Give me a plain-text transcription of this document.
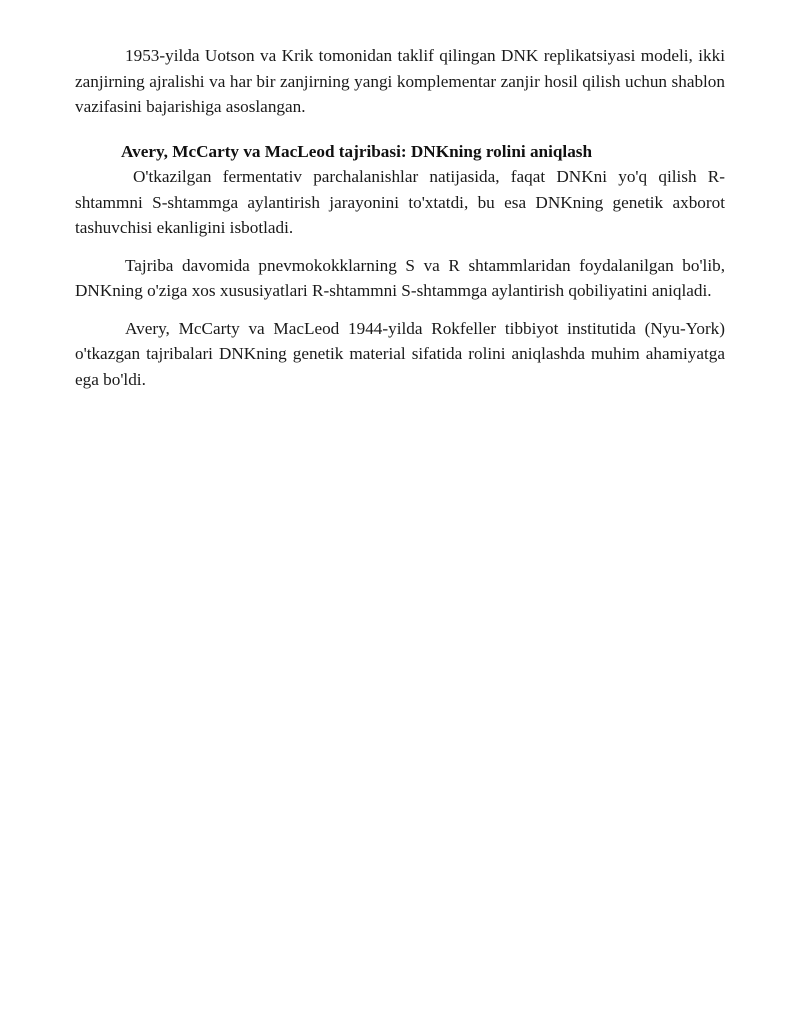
1953-yilda Uotson va Krik tomonidan taklif qilingan DNK replikatsiyasi modeli, ikki zanjirning ajralishi va har bir zanjirning yangi komplementar zanjir hosil qilish uchun shablon vazifasini bajarishiga asoslangan.

Avery, McCarty va MacLeod tajribasi: DNKning rolini aniqlash

O'tkazilgan fermentativ parchalanishlar natijasida, faqat DNKni yo'q qilish R-shtammni S-shtammga aylantirish jarayonini to'xtatdi, bu esa DNKning genetik axborot tashuvchisi ekanligini isbotladi.

Tajriba davomida pnevmokokklarning S va R shtammlaridan foydalanilgan bo'lib, DNKning o'ziga xos xususiyatlari R-shtammni S-shtammga aylantirish qobiliyatini aniqladi.

Avery, McCarty va MacLeod 1944-yilda Rokfeller tibbiyot institutida (Nyu-York) o'tkazgan tajribalari DNKning genetik material sifatida rolini aniqlashda muhim ahamiyatga ega bo'ldi.
